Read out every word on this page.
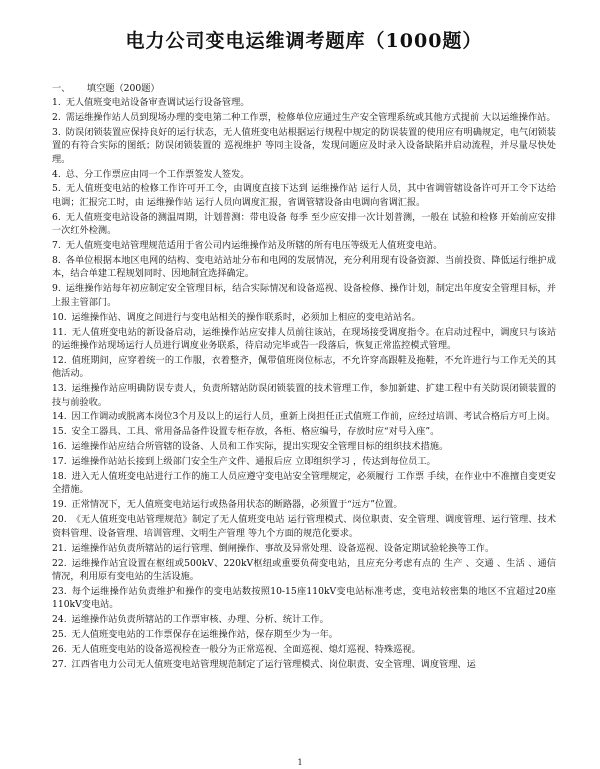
电力公司变电运维调考题库（1000题）
一、 填空题（200题）

1. 无人值班变电站设备审查调试运行设备管理。

2. 需运维操作站人员到现场办理的变电第二种工作票，检修单位应通过生产安全管理系统或其他方式提前 大以运维操作站。

3. 防误闭锁装置应保持良好的运行状态，无人值班变电站根据运行规程中规定的防误装置的使用应有明确规定，电气闭锁装置的有符合实际的图纸；防误闭锁装置的 巡视维护 等同主设备，发现问题应及时录入设备缺陷并启动流程，并尽量尽快处理。

4. 总、分工作票应由同一个工作票签发人签发。

5. 无人值班变电站的检修工作许可开工令，由调度直接下达到 运维操作站 运行人员，其中省调管辖设备许可开工令下达给电调；汇报完工时，由 运维操作站 运行人员向调度汇报，省调管辖设备由电调向省调汇报。

6. 无人值班变电站设备的测温周期，计划普测：带电设备 每季 至少应安排一次计划普测，一般在 试验和检修 开始前应安排一次红外检测。

7. 无人值班变电站管理规范适用于省公司内运维操作站及所辖的所有电压等级无人值班变电站。

8. 各单位根据本地区电网的结构、变电站站址分布和电网的发展情况，充分利用现有设备资源、当前投资、降低运行维护成本，结合单建工程规划同时、因地制宜选择确定。

9. 运维操作站每年初应制定安全管理目标，结合实际情况和设备巡视、设备检修、操作计划，制定出年度安全管理目标，并上报主管部门。

10. 运维操作站、调度之间进行与变电站相关的操作联系时，必须加上相应的变电站站名。

11. 无人值班变电站的新设备启动，运维操作站应安排人员前往该站，在现场接受调度指令。在启动过程中，调度只与该站的运维操作站现场运行人员进行调度业务联系，待启动完毕或告一段落后，恢复正常监控模式管理。

12. 值班期间，应穿着统一的工作服，衣着整齐，佩带值班岗位标志，不允许穿高跟鞋及拖鞋，不允许进行与工作无关的其他活动。

13. 运维操作站应明确防误专责人，负责所辖站防误闭锁装置的技术管理工作，参加新建、扩建工程中有关防误闭锁装置的技与前验收。

14. 因工作调动或脱离本岗位3个月及以上的运行人员，重新上岗担任正式值班工作前，应经过培训、考试合格后方可上岗。

15. 安全工器具、工具、常用备品备件设置专柜存放，各柜、格应编号，存放时应“对号入座”。

16. 运维操作站应结合所管辖的设备、人员和工作实际，提出实现安全管理目标的组织技术措施。

17. 运维操作站站长接到上级部门安全生产文件、通报后应 立即组织学习 ，传达到每位员工。

18. 进入无人值班变电站进行工作的施工人员应遵守变电站安全管理规定，必须履行 工作票 手续，在作业中不准擅自变更安全措施。

19. 正常情况下，无人值班变电站运行或热备用状态的断路器，必须置于“远方”位置。

20. 《无人值班变电站管理规范》制定了无人值班变电站 运行管理模式、岗位职责、安全管理、调度管理、运行管理、技术资料管理、设备管理、培训管理、文明生产管理 等九个方面的规范化要求。

21. 运维操作站负责所辖站的运行管理、倒闸操作、事故及异常处理、设备巡视、设备定期试验轮换等工作。

22. 运维操作站宜设置在枢纽或500kV、220kV枢纽或重要负荷变电站，且应充分考虑有点的 生产 、交通 、生活 、通信 情况，利用原有变电站的生活设施。

23. 每个运维操作站负责维护和操作的变电站数按照10-15座110kV变电站标准考虑，变电站较密集的地区不宜超过20座110kV变电站。

24. 运维操作站负责所辖站的工作票审核、办理、分析、统计工作。

25. 无人值班变电站的工作票保存在运维操作站，保存期至少为一年。

26. 无人值班变电站的设备巡视检查一般分为正常巡视、全面巡视、熄灯巡视、特殊巡视。

27. 江西省电力公司无人值班变电站管理规范制定了运行管理模式、岗位职责、安全管理、调度管理、运

1
